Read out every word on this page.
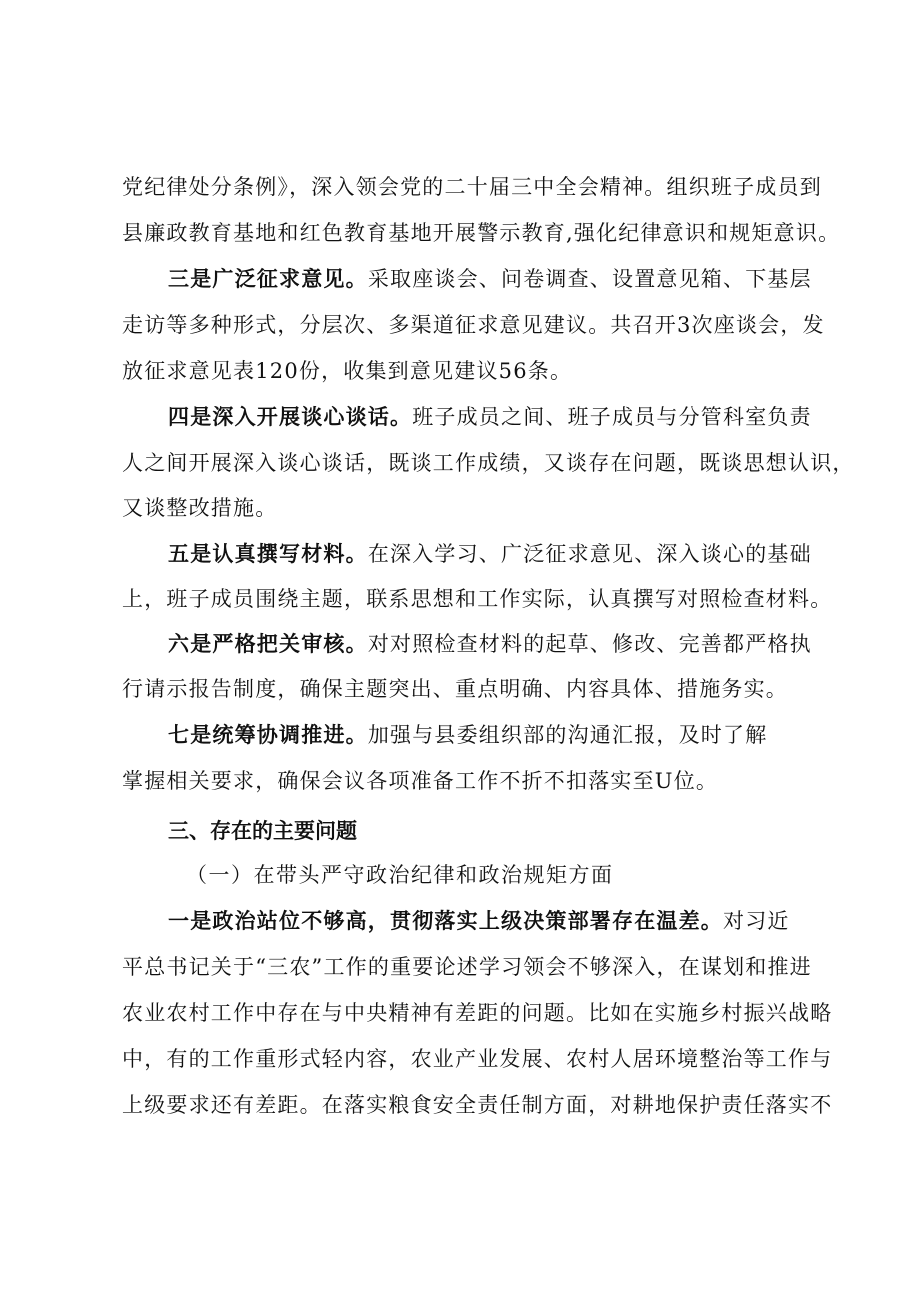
党纪律处分条例》，深入领会党的二十届三中全会精神。组织班子成员到
县廉政教育基地和红色教育基地开展警示教育,强化纪律意识和规矩意识。
三是广泛征求意见。采取座谈会、问卷调查、设置意见箱、下基层
走访等多种形式，分层次、多渠道征求意见建议。共召开3次座谈会，发
放征求意见表120份，收集到意见建议56条。
四是深入开展谈心谈话。班子成员之间、班子成员与分管科室负责
人之间开展深入谈心谈话，既谈工作成绩，又谈存在问题，既谈思想认识，
又谈整改措施。
五是认真撰写材料。在深入学习、广泛征求意见、深入谈心的基础
上，班子成员围绕主题，联系思想和工作实际，认真撰写对照检查材料。
六是严格把关审核。对对照检查材料的起草、修改、完善都严格执
行请示报告制度，确保主题突出、重点明确、内容具体、措施务实。
七是统筹协调推进。加强与县委组织部的沟通汇报，及时了解
掌握相关要求，确保会议各项准备工作不折不扣落实至U位。
三、存在的主要问题
（一）在带头严守政治纪律和政治规矩方面
一是政治站位不够高，贯彻落实上级决策部署存在温差。对习近
平总书记关于“三农”工作的重要论述学习领会不够深入，在谋划和推进
农业农村工作中存在与中央精神有差距的问题。比如在实施乡村振兴战略
中，有的工作重形式轻内容，农业产业发展、农村人居环境整治等工作与
上级要求还有差距。在落实粮食安全责任制方面，对耕地保护责任落实不
